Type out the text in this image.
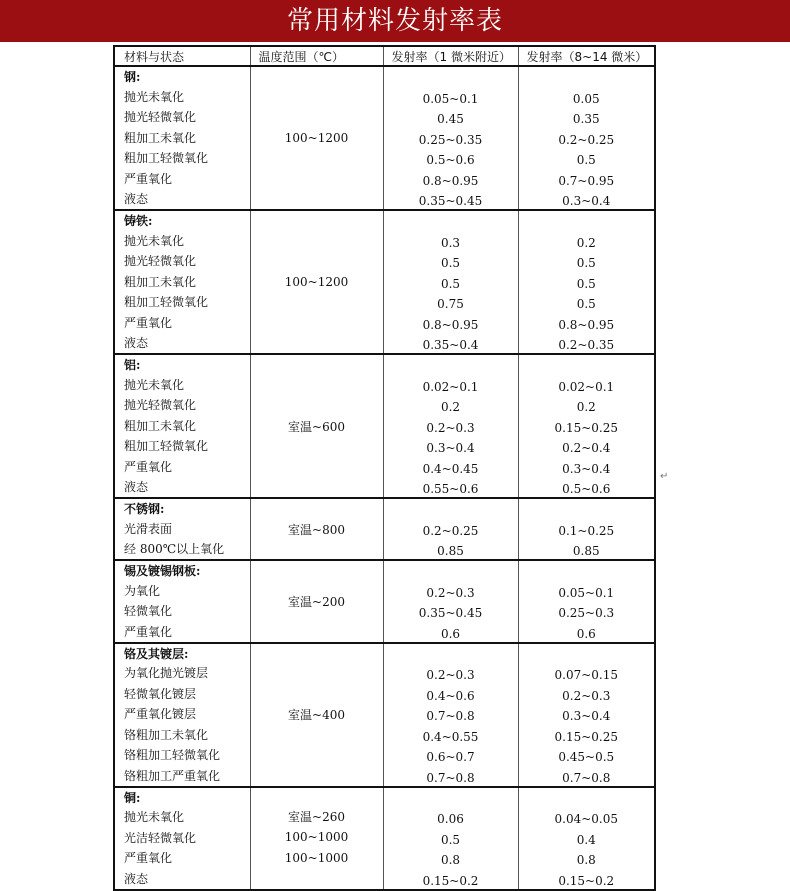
常用材料发射率表
材料与状态	温度范围（℃）	发射率（1 微米附近）	发射率（8~14 微米）
钢:	100~1200		
抛光未氧化		0.05~0.1	0.05
抛光轻微氧化		0.45	0.35
粗加工未氧化		0.25~0.35	0.2~0.25
粗加工轻微氧化		0.5~0.6	0.5
严重氧化		0.8~0.95	0.7~0.95
液态		0.35~0.45	0.3~0.4
铸铁:	100~1200		
抛光未氧化		0.3	0.2
抛光轻微氧化		0.5	0.5
粗加工未氧化		0.5	0.5
粗加工轻微氧化		0.75	0.5
严重氧化		0.8~0.95	0.8~0.95
液态		0.35~0.4	0.2~0.35
铝:	室温~600		
抛光未氧化		0.02~0.1	0.02~0.1
抛光轻微氧化		0.2	0.2
粗加工未氧化		0.2~0.3	0.15~0.25
粗加工轻微氧化		0.3~0.4	0.2~0.4
严重氧化		0.4~0.45	0.3~0.4
液态		0.55~0.6	0.5~0.6
不锈钢:	室温~800		
光滑表面		0.2~0.25	0.1~0.25
经 800℃以上氧化		0.85	0.85
锡及镀锡钢板:	室温~200		
为氧化		0.2~0.3	0.05~0.1
轻微氧化		0.35~0.45	0.25~0.3
严重氧化		0.6	0.6
铬及其镀层:	室温~400		
为氧化抛光镀层		0.2~0.3	0.07~0.15
轻微氧化镀层		0.4~0.6	0.2~0.3
严重氧化镀层		0.7~0.8	0.3~0.4
铬粗加工未氧化		0.4~0.55	0.15~0.25
铬粗加工轻微氧化		0.6~0.7	0.45~0.5
铬粗加工严重氧化		0.7~0.8	0.7~0.8
铜:			
抛光未氧化	室温~260	0.06	0.04~0.05
光洁轻微氧化	100~1000	0.5	0.4
严重氧化	100~1000	0.8	0.8
液态		0.15~0.2	0.15~0.2
↵
